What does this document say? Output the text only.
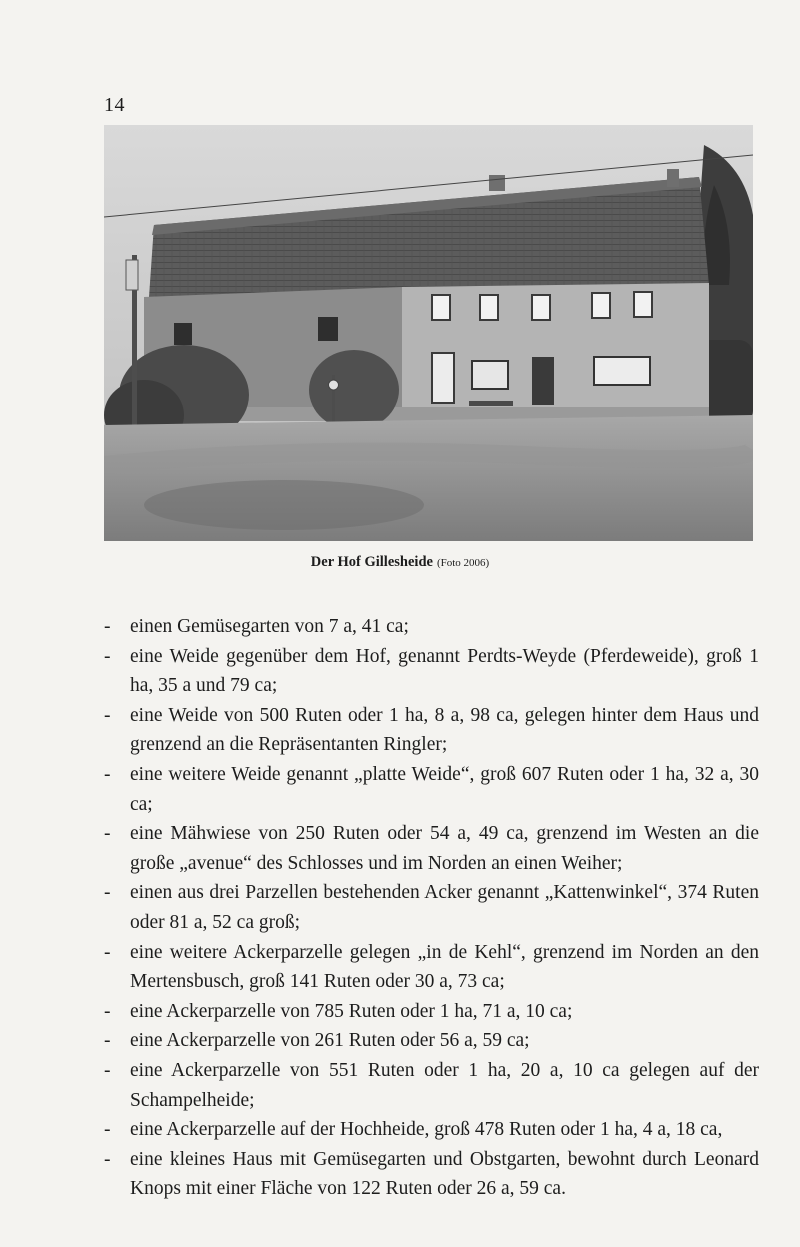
14
Der Hof Gillesheide (Foto 2006)
- einen Gemüsegarten von 7 a, 41 ca;
- eine Weide gegenüber dem Hof, genannt Perdts-Weyde (Pferdeweide), groß 1 ha, 35 a und 79 ca;
- eine Weide von 500 Ruten oder 1 ha, 8 a, 98 ca, gelegen hinter dem Haus und grenzend an die Repräsentanten Ringler;
- eine weitere Weide genannt „platte Weide“, groß 607 Ruten oder 1 ha, 32 a, 30 ca;
- eine Mähwiese von 250 Ruten oder 54 a, 49 ca, grenzend im Westen an die große „avenue“ des Schlosses und im Norden an einen Weiher;
- einen aus drei Parzellen bestehenden Acker genannt „Kattenwinkel“, 374 Ruten oder 81 a, 52 ca groß;
- eine weitere Ackerparzelle gelegen „in de Kehl“, grenzend im Norden an den Mertensbusch, groß 141 Ruten oder 30 a, 73 ca;
- eine Ackerparzelle von 785 Ruten oder 1 ha, 71 a, 10 ca;
- eine Ackerparzelle von 261 Ruten oder 56 a, 59 ca;
- eine Ackerparzelle von 551 Ruten oder 1 ha, 20 a, 10 ca gelegen auf der Schampelheide;
- eine Ackerparzelle auf der Hochheide, groß 478 Ruten oder 1 ha, 4 a, 18 ca,
- eine kleines Haus mit Gemüsegarten und Obstgarten, bewohnt durch Leonard Knops mit einer Fläche von 122 Ruten oder 26 a, 59 ca.
